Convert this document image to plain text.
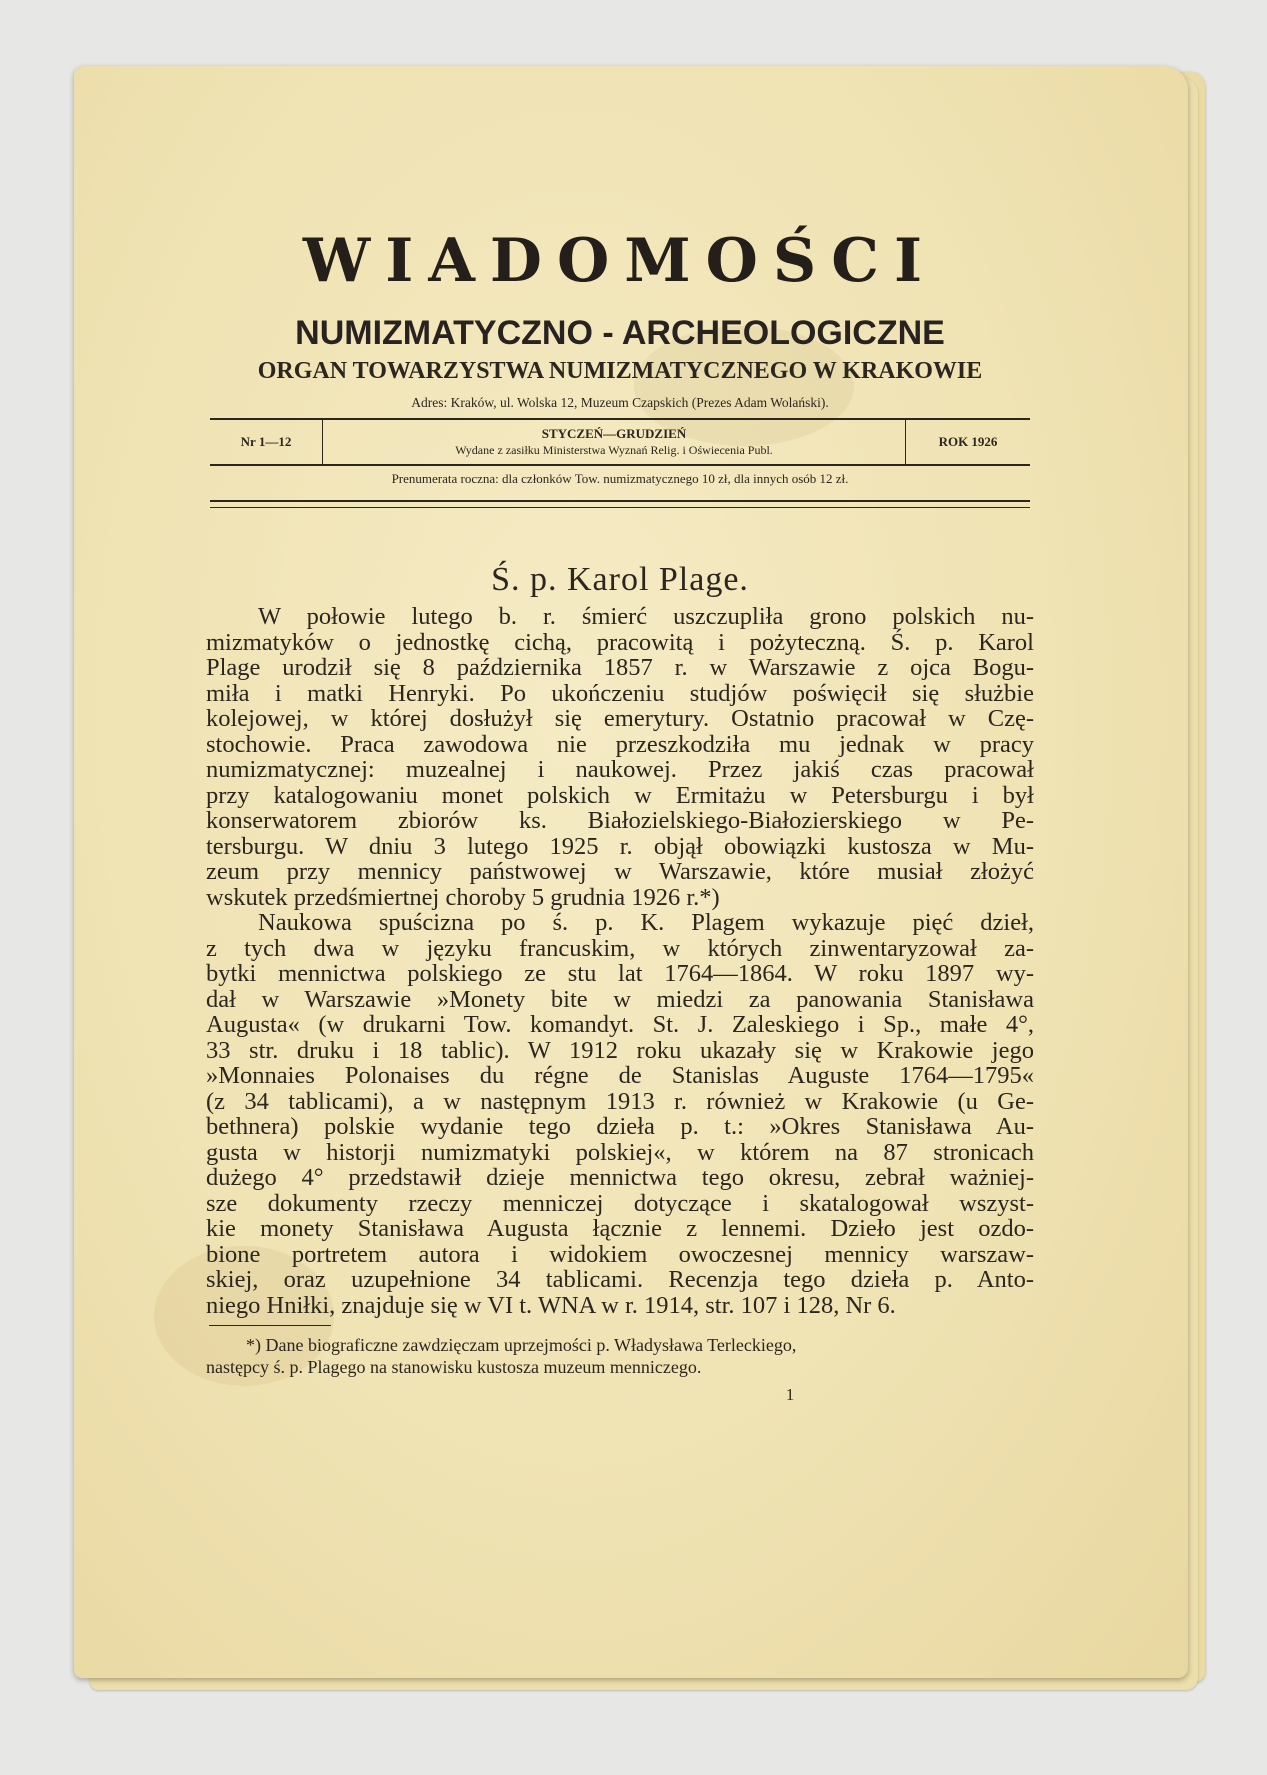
WIADOMOŚCI
NUMIZMATYCZNO - ARCHEOLOGICZNE
ORGAN TOWARZYSTWA NUMIZMATYCZNEGO W KRAKOWIE
Adres: Kraków, ul. Wolska 12, Muzeum Czapskich (Prezes Adam Wolański).
Nr 1—12	STYCZEŃ—GRUDZIEŃ
Wydane z zasiłku Ministerstwa Wyznań Relig. i Oświecenia Publ.
ROK 1926
Prenumerata roczna: dla członków Tow. numizmatycznego 10 zł, dla innych osób 12 zł.
Ś. p. Karol Plage.

W połowie lutego b. r. śmierć uszczupliła grono polskich nu-
mizmatyków o jednostkę cichą, pracowitą i pożyteczną. Ś. p. Karol
Plage urodził się 8 października 1857 r. w Warszawie z ojca Bogu-
miła i matki Henryki. Po ukończeniu studjów poświęcił się służbie
kolejowej, w której dosłużył się emerytury. Ostatnio pracował w Czę-
stochowie. Praca zawodowa nie przeszkodziła mu jednak w pracy
numizmatycznej: muzealnej i naukowej. Przez jakiś czas pracował
przy katalogowaniu monet polskich w Ermitażu w Petersburgu i był
konserwatorem zbiorów ks. Białozielskiego-Białozierskiego w Pe-
tersburgu. W dniu 3 lutego 1925 r. objął obowiązki kustosza w Mu-
zeum przy mennicy państwowej w Warszawie, które musiał złożyć
wskutek przedśmiertnej choroby 5 grudnia 1926 r.*)

Naukowa spuścizna po ś. p. K. Plagem wykazuje pięć dzieł,
z tych dwa w języku francuskim, w których zinwentaryzował za-
bytki mennictwa polskiego ze stu lat 1764—1864. W roku 1897 wy-
dał w Warszawie »Monety bite w miedzi za panowania Stanisława
Augusta« (w drukarni Tow. komandyt. St. J. Zaleskiego i Sp., małe 4°,
33 str. druku i 18 tablic). W 1912 roku ukazały się w Krakowie jego
»Monnaies Polonaises du régne de Stanislas Auguste 1764—1795«
(z 34 tablicami), a w następnym 1913 r. również w Krakowie (u Ge-
bethnera) polskie wydanie tego dzieła p. t.: »Okres Stanisława Au-
gusta w historji numizmatyki polskiej«, w którem na 87 stronicach
dużego 4° przedstawił dzieje mennictwa tego okresu, zebrał ważniej-
sze dokumenty rzeczy menniczej dotyczące i skatalogował wszyst-
kie monety Stanisława Augusta łącznie z lennemi. Dzieło jest ozdo-
bione portretem autora i widokiem owoczesnej mennicy warszaw-
skiej, oraz uzupełnione 34 tablicami. Recenzja tego dzieła p. Anto-
niego Hniłki, znajduje się w VI t. WNA w r. 1914, str. 107 i 128, Nr 6.

*) Dane biograficzne zawdzięczam uprzejmości p. Władysława Terleckiego,
następcy ś. p. Plagego na stanowisku kustosza muzeum menniczego.
1
